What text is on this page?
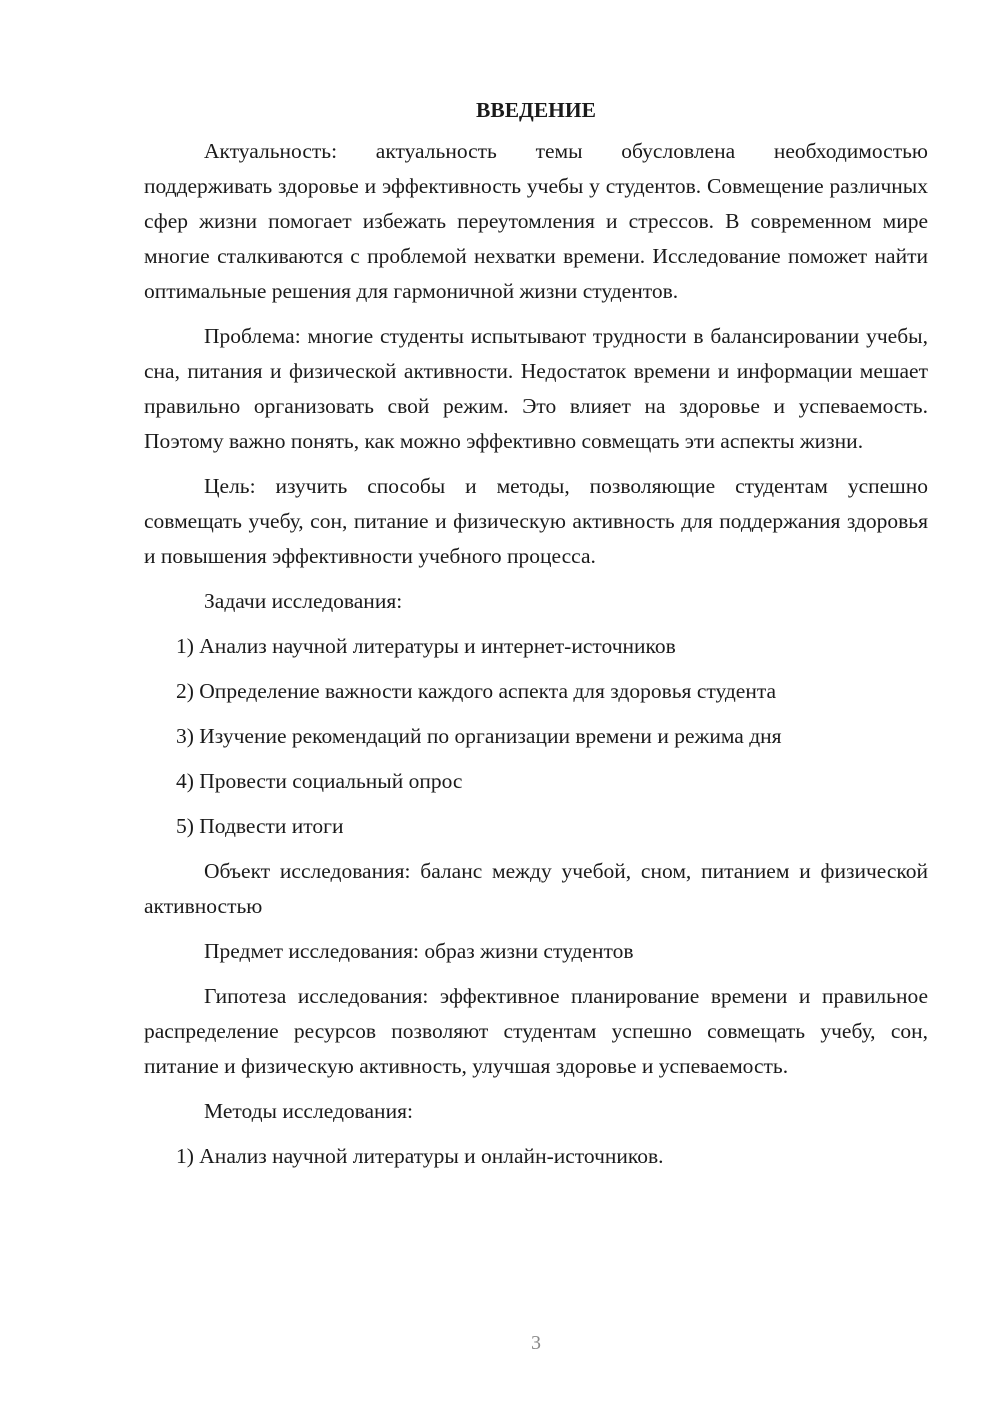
ВВЕДЕНИЕ

Актуальность: актуальность темы обусловлена необходимостью поддерживать здоровье и эффективность учебы у студентов. Совмещение различных сфер жизни помогает избежать переутомления и стрессов. В современном мире многие сталкиваются с проблемой нехватки времени. Исследование поможет найти оптимальные решения для гармоничной жизни студентов.

Проблема: многие студенты испытывают трудности в балансировании учебы, сна, питания и физической активности. Недостаток времени и информации мешает правильно организовать свой режим. Это влияет на здоровье и успеваемость. Поэтому важно понять, как можно эффективно совмещать эти аспекты жизни.

Цель: изучить способы и методы, позволяющие студентам успешно совмещать учебу, сон, питание и физическую активность для поддержания здоровья и повышения эффективности учебного процесса.

Задачи исследования:

1) Анализ научной литературы и интернет-источников
2) Определение важности каждого аспекта для здоровья студента
3) Изучение рекомендаций по организации времени и режима дня
4) Провести социальный опрос
5) Подвести итоги

Объект исследования: баланс между учебой, сном, питанием и физической активностью

Предмет исследования: образ жизни студентов

Гипотеза исследования: эффективное планирование времени и правильное распределение ресурсов позволяют студентам успешно совмещать учебу, сон, питание и физическую активность, улучшая здоровье и успеваемость.

Методы исследования:

1) Анализ научной литературы и онлайн-источников.
3
